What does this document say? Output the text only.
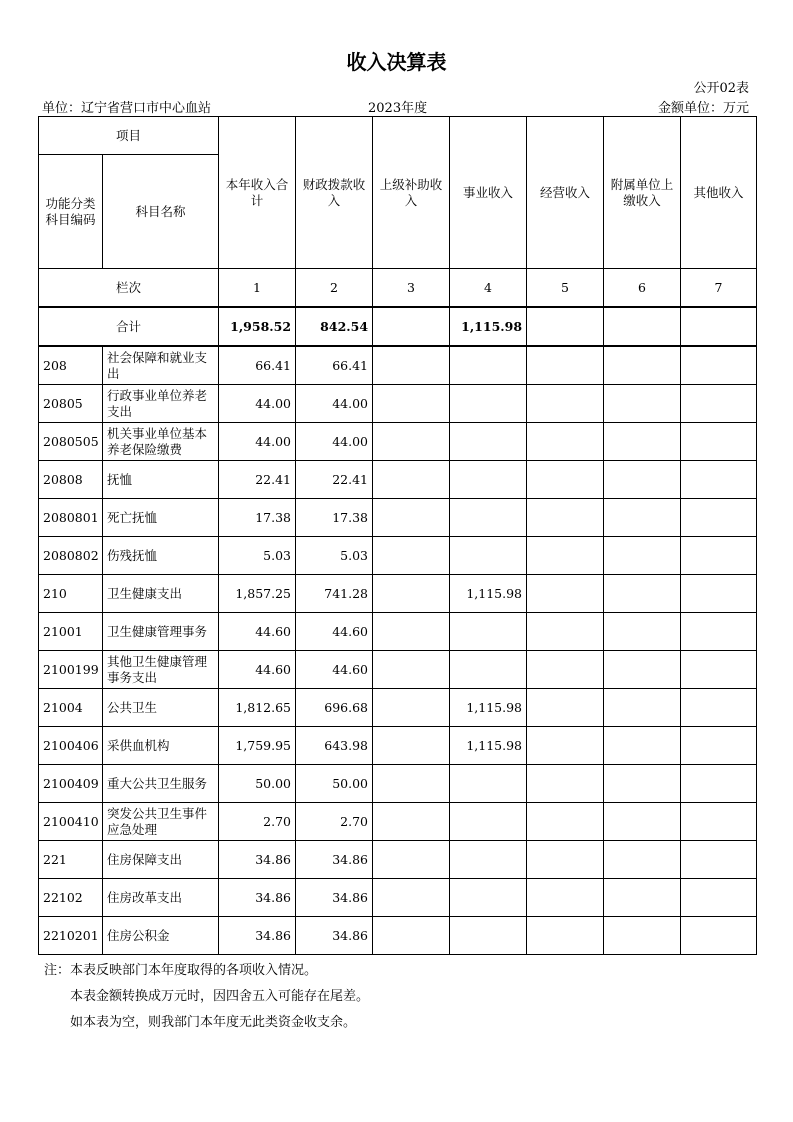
收入决算表
公开02表
单位：辽宁省营口市中心血站	2023年度	金额单位：万元
项目		本年收入合计	财政拨款收入	上级补助收入	事业收入	经营收入	附属单位上缴收入	其他收入
功能分类科目编码	科目名称							
栏次		1	2	3	4	5	6	7
合计		1,958.52	842.54		1,115.98			
208	社会保障和就业支出	66.41	66.41					
20805	行政事业单位养老支出	44.00	44.00					
2080505	机关事业单位基本养老保险缴费	44.00	44.00					
20808	抚恤	22.41	22.41					
2080801	死亡抚恤	17.38	17.38					
2080802	伤残抚恤	5.03	5.03					
210	卫生健康支出	1,857.25	741.28		1,115.98			
21001	卫生健康管理事务	44.60	44.60					
2100199	其他卫生健康管理事务支出	44.60	44.60					
21004	公共卫生	1,812.65	696.68		1,115.98			
2100406	采供血机构	1,759.95	643.98		1,115.98			
2100409	重大公共卫生服务	50.00	50.00					
2100410	突发公共卫生事件应急处理	2.70	2.70					
221	住房保障支出	34.86	34.86					
22102	住房改革支出	34.86	34.86					
2210201	住房公积金	34.86	34.86					
注：本表反映部门本年度取得的各项收入情况。
本表金额转换成万元时，因四舍五入可能存在尾差。
如本表为空，则我部门本年度无此类资金收支余。
